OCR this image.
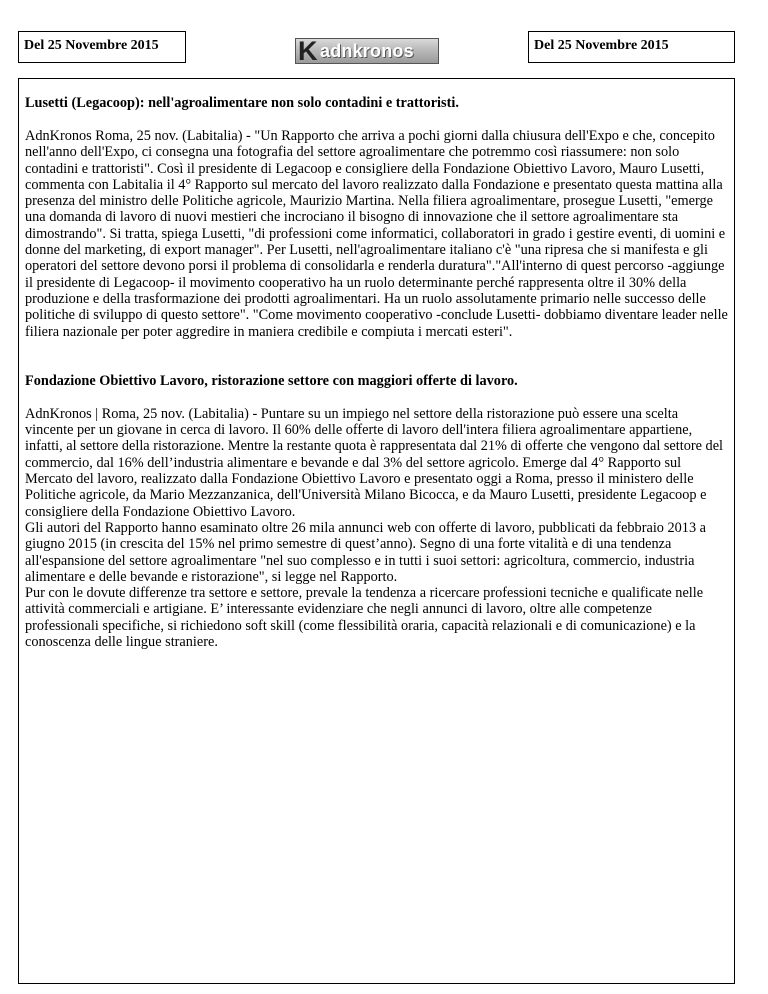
Del 25 Novembre 2015	K adnkronos	Del 25 Novembre 2015
Lusetti (Legacoop): nell'agroalimentare non solo contadini e trattoristi.

AdnKronos Roma, 25 nov. (Labitalia) - "Un Rapporto che arriva a pochi giorni dalla chiusura dell'Expo e che, concepito nell'anno dell'Expo, ci consegna una fotografia del settore agroalimentare che potremmo così riassumere: non solo contadini e trattoristi". Così il presidente di Legacoop e consigliere della Fondazione Obiettivo Lavoro, Mauro Lusetti, commenta con Labitalia il 4° Rapporto sul mercato del lavoro realizzato dalla Fondazione e presentato questa mattina alla presenza del ministro delle Politiche agricole, Maurizio Martina. Nella filiera agroalimentare, prosegue Lusetti, "emerge una domanda di lavoro di nuovi mestieri che incrociano il bisogno di innovazione che il settore agroalimentare sta dimostrando". Si tratta, spiega Lusetti, "di professioni come informatici, collaboratori in grado i gestire eventi, di uomini e donne del marketing, di export manager". Per Lusetti, nell'agroalimentare italiano c'è "una ripresa che si manifesta e gli operatori del settore devono porsi il problema di consolidarla e renderla duratura"."All'interno di quest percorso -aggiunge il presidente di Legacoop- il movimento cooperativo ha un ruolo determinante perché rappresenta oltre il 30% della produzione e della trasformazione dei prodotti agroalimentari. Ha un ruolo assolutamente primario nelle successo delle politiche di sviluppo di questo settore". "Come movimento cooperativo -conclude Lusetti- dobbiamo diventare leader nelle filiera nazionale per poter aggredire in maniera credibile e compiuta i mercati esteri".

Fondazione Obiettivo Lavoro, ristorazione settore con maggiori offerte di lavoro.

AdnKronos | Roma, 25 nov. (Labitalia) - Puntare su un impiego nel settore della ristorazione può essere una scelta vincente per un giovane in cerca di lavoro. Il 60% delle offerte di lavoro dell'intera filiera agroalimentare appartiene, infatti, al settore della ristorazione. Mentre la restante quota è rappresentata dal 21% di offerte che vengono dal settore del commercio, dal 16% dell’industria alimentare e bevande e dal 3% del settore agricolo. Emerge dal 4° Rapporto sul Mercato del lavoro, realizzato dalla Fondazione Obiettivo Lavoro e presentato oggi a Roma, presso il ministero delle Politiche agricole, da Mario Mezzanzanica, dell'Università Milano Bicocca, e da Mauro Lusetti, presidente Legacoop e consigliere della Fondazione Obiettivo Lavoro.

Gli autori del Rapporto hanno esaminato oltre 26 mila annunci web con offerte di lavoro, pubblicati da febbraio 2013 a giugno 2015 (in crescita del 15% nel primo semestre di quest’anno). Segno di una forte vitalità e di una tendenza all'espansione del settore agroalimentare "nel suo complesso e in tutti i suoi settori: agricoltura, commercio, industria alimentare e delle bevande e ristorazione", si legge nel Rapporto.

Pur con le dovute differenze tra settore e settore, prevale la tendenza a ricercare professioni tecniche e qualificate nelle attività commerciali e artigiane. E’ interessante evidenziare che negli annunci di lavoro, oltre alle competenze professionali specifiche, si richiedono soft skill (come flessibilità oraria, capacità relazionali e di comunicazione) e la conoscenza delle lingue straniere.
